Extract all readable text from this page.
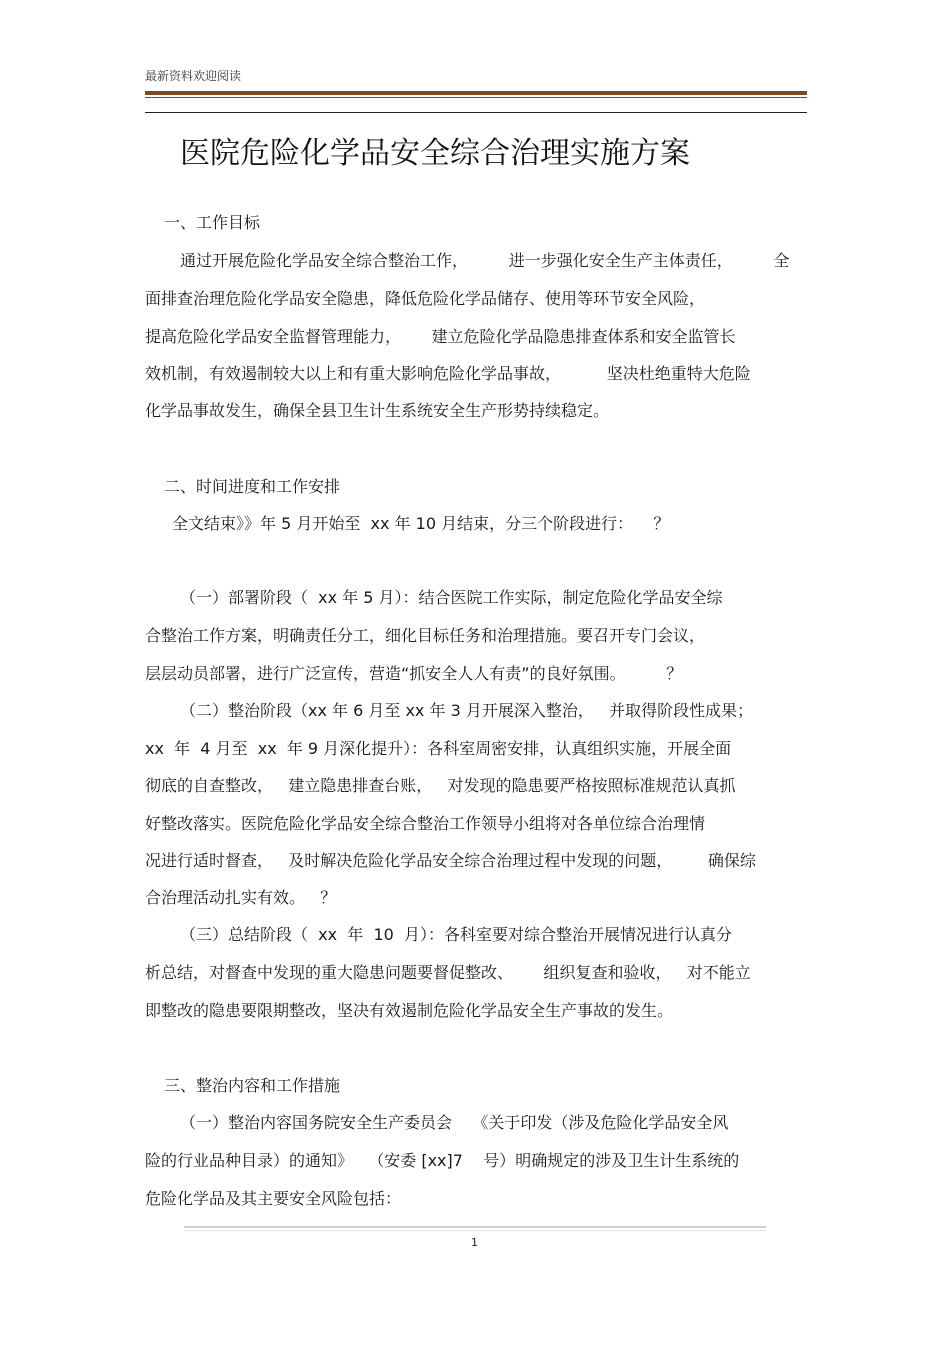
最新资料欢迎阅读
医院危险化学品安全综合治理实施方案
一、工作目标
通过开展危险化学品安全综合整治工作，        进一步强化安全生产主体责任，        全
面排查治理危险化学品安全隐患，降低危险化学品储存、使用等环节安全风险，
提高危险化学品安全监督管理能力，      建立危险化学品隐患排查体系和安全监管长
效机制，有效遏制较大以上和有重大影响危险化学品事故，         坚决杜绝重特大危险
化学品事故发生，确保全县卫生计生系统安全生产形势持续稳定。
二、时间进度和工作安排
全文结束》》年 5 月开始至  xx 年 10 月结束，分三个阶段进行：    ？
（一）部署阶段（  xx 年 5 月）：结合医院工作实际，制定危险化学品安全综
合整治工作方案，明确责任分工，细化目标任务和治理措施。要召开专门会议，
层层动员部署，进行广泛宣传，营造“抓安全人人有责”的良好氛围。        ？
（二）整治阶段（xx 年 6 月至 xx 年 3 月开展深入整治，   并取得阶段性成果；
xx  年  4 月至  xx  年 9 月深化提升）：各科室周密安排，认真组织实施，开展全面
彻底的自查整改，   建立隐患排查台账，   对发现的隐患要严格按照标准规范认真抓
好整改落实。医院危险化学品安全综合整治工作领导小组将对各单位综合治理情
况进行适时督查，   及时解决危险化学品安全综合治理过程中发现的问题，       确保综
合治理活动扎实有效。   ？
（三）总结阶段（  xx  年  10  月）：各科室要对综合整治开展情况进行认真分
析总结，对督查中发现的重大隐患问题要督促整改、      组织复查和验收，   对不能立
即整改的隐患要限期整改，坚决有效遏制危险化学品安全生产事故的发生。
三、整治内容和工作措施
（一）整治内容国务院安全生产委员会    《关于印发（涉及危险化学品安全风
险的行业品种目录）的通知》   （安委 [xx]7    号）明确规定的涉及卫生计生系统的
危险化学品及其主要安全风险包括：
1
